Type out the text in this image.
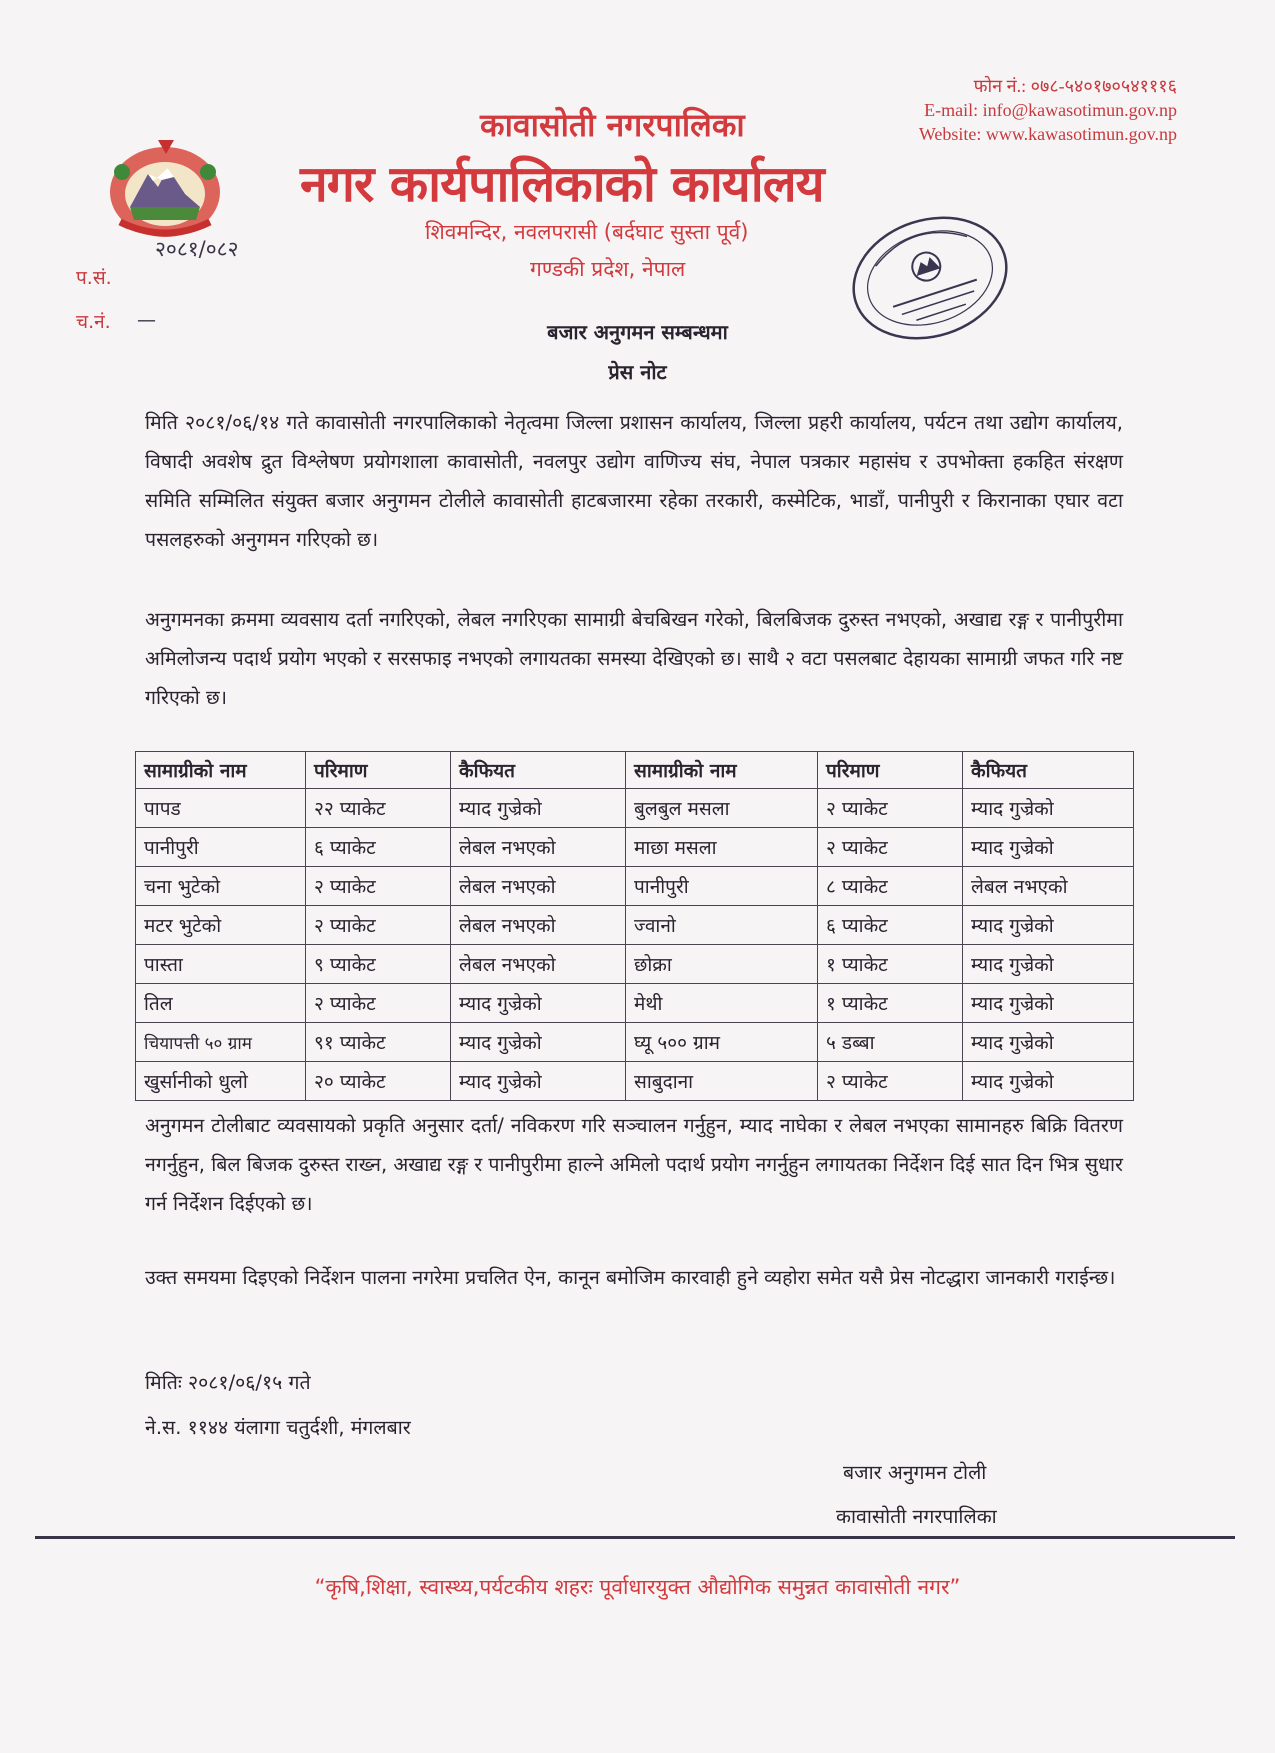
फोन नं.: ०७८-५४०१७०५४१११६
E-mail: info@kawasotimun.gov.np
Website: www.kawasotimun.gov.np
२०८१/०८२
प.सं.
च.नं. —
कावासोती नगरपालिका
नगर कार्यपालिकाको कार्यालय
शिवमन्दिर, नवलपरासी (बर्दघाट सुस्ता पूर्व)
गण्डकी प्रदेश, नेपाल
बजार अनुगमन सम्बन्धमा
प्रेस नोट
मिति २०८१/०६/१४ गते कावासोती नगरपालिकाको नेतृत्वमा जिल्ला प्रशासन कार्यालय, जिल्ला प्रहरी कार्यालय, पर्यटन तथा उद्योग कार्यालय, विषादी अवशेष द्रुत विश्लेषण प्रयोगशाला कावासोती, नवलपुर उद्योग वाणिज्य संघ, नेपाल पत्रकार महासंघ र उपभोक्ता हकहित संरक्षण समिति सम्मिलित संयुक्त बजार अनुगमन टोलीले कावासोती हाटबजारमा रहेका तरकारी, कस्मेटिक, भाडाँ, पानीपुरी र किरानाका एघार वटा पसलहरुको अनुगमन गरिएको छ।
अनुगमनका क्रममा व्यवसाय दर्ता नगरिएको, लेबल नगरिएका सामाग्री बेचबिखन गरेको, बिलबिजक दुरुस्त नभएको, अखाद्य रङ्ग र पानीपुरीमा अमिलोजन्य पदार्थ प्रयोग भएको र सरसफाइ नभएको लगायतका समस्या देखिएको छ। साथै २ वटा पसलबाट देहायका सामाग्री जफत गरि नष्ट गरिएको छ।
सामाग्रीको नाम	परिमाण	कैफियत	सामाग्रीको नाम	परिमाण	कैफियत
पापड	२२ प्याकेट	म्याद गुज्रेको	बुलबुल मसला	२ प्याकेट	म्याद गुज्रेको
पानीपुरी	६ प्याकेट	लेबल नभएको	माछा मसला	२ प्याकेट	म्याद गुज्रेको
चना भुटेको	२ प्याकेट	लेबल नभएको	पानीपुरी	८ प्याकेट	लेबल नभएको
मटर भुटेको	२ प्याकेट	लेबल नभएको	ज्वानो	६ प्याकेट	म्याद गुज्रेको
पास्ता	९ प्याकेट	लेबल नभएको	छोक्रा	१ प्याकेट	म्याद गुज्रेको
तिल	२ प्याकेट	म्याद गुज्रेको	मेथी	१ प्याकेट	म्याद गुज्रेको
चियापत्ती ५० ग्राम	९१ प्याकेट	म्याद गुज्रेको	घ्यू ५०० ग्राम	५ डब्बा	म्याद गुज्रेको
खुर्सानीको धुलो	२० प्याकेट	म्याद गुज्रेको	साबुदाना	२ प्याकेट	म्याद गुज्रेको
अनुगमन टोलीबाट व्यवसायको प्रकृति अनुसार दर्ता/ नविकरण गरि सञ्चालन गर्नुहुन, म्याद नाघेका र लेबल नभएका सामानहरु बिक्रि वितरण नगर्नुहुन, बिल बिजक दुरुस्त राख्न, अखाद्य रङ्ग र पानीपुरीमा हाल्ने अमिलो पदार्थ प्रयोग नगर्नुहुन लगायतका निर्देशन दिई सात दिन भित्र सुधार गर्न निर्देशन दिईएको छ।
उक्त समयमा दिइएको निर्देशन पालना नगरेमा प्रचलित ऐन, कानून बमोजिम कारवाही हुने व्यहोरा समेत यसै प्रेस नोटद्धारा जानकारी गराईन्छ।
मितिः २०८१/०६/१५ गते
ने.स. ११४४ यंलागा चतुर्दशी, मंगलबार
बजार अनुगमन टोली
कावासोती नगरपालिका
“कृषि,शिक्षा, स्वास्थ्य,पर्यटकीय शहरः पूर्वाधारयुक्त औद्योगिक समुन्नत कावासोती नगर”
